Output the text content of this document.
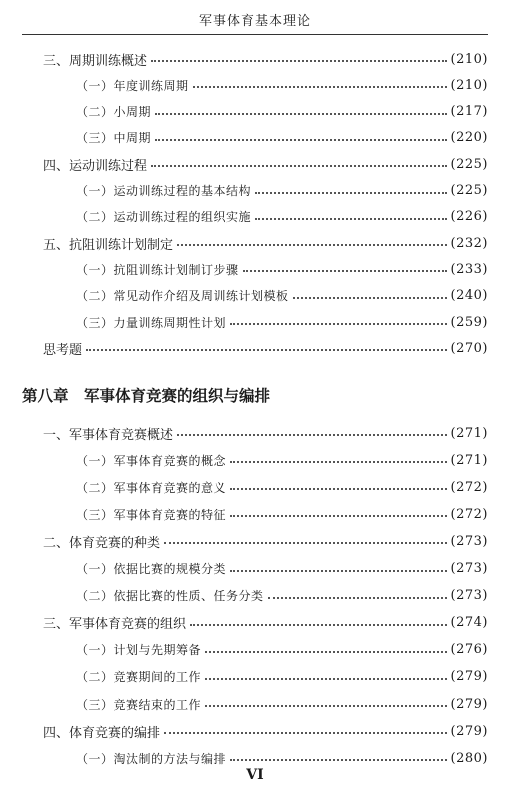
军事体育基本理论
三、周期训练概述	(210)
（一）年度训练周期	(210)
（二）小周期	(217)
（三）中周期	(220)
四、运动训练过程	(225)
（一）运动训练过程的基本结构	(225)
（二）运动训练过程的组织实施	(226)
五、抗阻训练计划制定	(232)
（一）抗阻训练计划制订步骤	(233)
（二）常见动作介绍及周训练计划模板	(240)
（三）力量训练周期性计划	(259)
思考题	(270)
第八章　军事体育竞赛的组织与编排
一、军事体育竞赛概述	(271)
（一）军事体育竞赛的概念	(271)
（二）军事体育竞赛的意义	(272)
（三）军事体育竞赛的特征	(272)
二、体育竞赛的种类	(273)
（一）依据比赛的规模分类	(273)
（二）依据比赛的性质、任务分类	(273)
三、军事体育竞赛的组织	(274)
（一）计划与先期筹备	(276)
（二）竞赛期间的工作	(279)
（三）竞赛结束的工作	(279)
四、体育竞赛的编排	(279)
（一）淘汰制的方法与编排	(280)
VI
